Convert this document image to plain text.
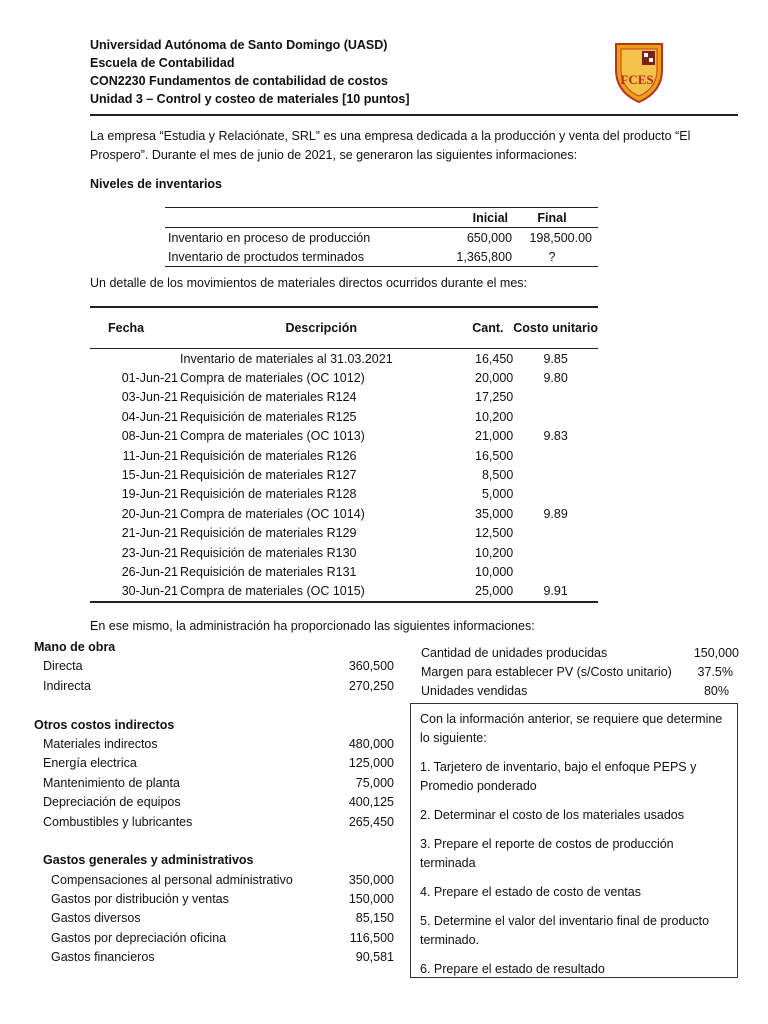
Universidad Autónoma de Santo Domingo (UASD)
Escuela de Contabilidad
CON2230 Fundamentos de contabilidad de costos
Unidad 3 – Control y costeo de materiales [10 puntos]
FCES
La empresa “Estudia y Relaciónate, SRL” es una empresa dedicada a la producción y venta del producto “El Prospero”. Durante el mes de junio de 2021, se generaron las siguientes informaciones:
Niveles de inventarios
	Inicial	Final
Inventario en proceso de producción	650,000	198,500.00
Inventario de proctudos terminados	1,365,800	?
Un detalle de los movimientos de materiales directos ocurridos durante el mes:
Fecha	Descripción	Cant.	Costo unitario
	Inventario de materiales al 31.03.2021	16,450	9.85
01-Jun-21	Compra de materiales (OC 1012)	20,000	9.80
03-Jun-21	Requisición de materiales R124	17,250	
04-Jun-21	Requisición de materiales R125	10,200	
08-Jun-21	Compra de materiales (OC 1013)	21,000	9.83
11-Jun-21	Requisición de materiales R126	16,500	
15-Jun-21	Requisición de materiales R127	8,500	
19-Jun-21	Requisición de materiales R128	5,000	
20-Jun-21	Compra de materiales (OC 1014)	35,000	9.89
21-Jun-21	Requisición de materiales R129	12,500	
23-Jun-21	Requisición de materiales R130	10,200	
26-Jun-21	Requisición de materiales R131	10,000	
30-Jun-21	Compra de materiales (OC 1015)	25,000	9.91
En ese mismo, la administración ha proporcionado las siguientes informaciones:
Mano de obra
Directa	360,500
Indirecta	270,250
Otros costos indirectos
Materiales indirectos	480,000
Energía electrica	125,000
Mantenimiento de planta	75,000
Depreciación de equipos	400,125
Combustibles y lubricantes	265,450
Gastos generales y administrativos
Compensaciones al personal administrativo	350,000
Gastos por distribución y ventas	150,000
Gastos diversos	85,150
Gastos por depreciación oficina	116,500
Gastos financieros	90,581
Cantidad de unidades producidas	150,000
Margen para establecer PV (s/Costo unitario) 37.5%
Unidades vendidas	80%

Con la información anterior, se requiere que determine lo siguiente:

1. Tarjetero de inventario, bajo el enfoque PEPS y Promedio ponderado

2. Determinar el costo de los materiales usados

3. Prepare el reporte de costos de producción terminada

4. Prepare el estado de costo de ventas

5. Determine el valor del inventario final de producto terminado.

6. Prepare el estado de resultado
